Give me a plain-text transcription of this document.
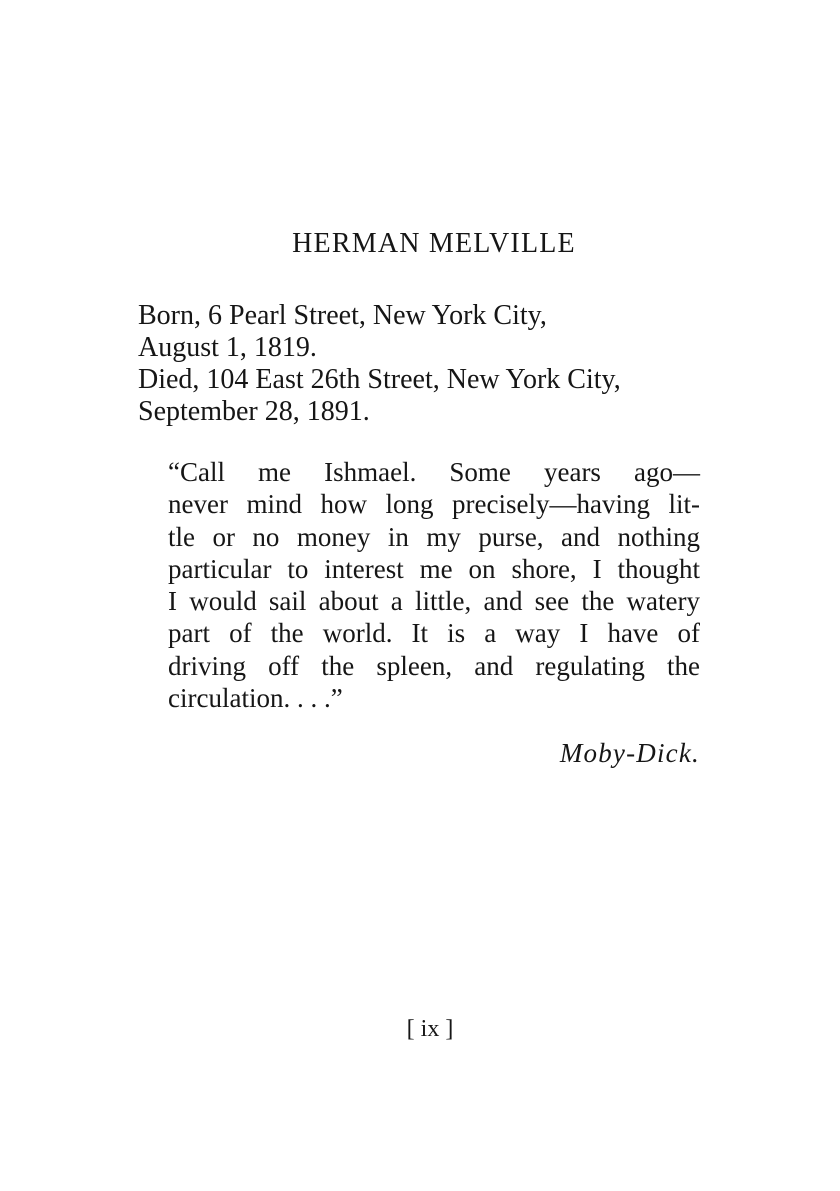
HERMAN MELVILLE
Born, 6 Pearl Street, New York City,
August 1, 1819.
Died, 104 East 26th Street, New York City,
September 28, 1891.
“Call me Ishmael. Some years ago—
never mind how long precisely—having lit-
tle or no money in my purse, and nothing
particular to interest me on shore, I thought
I would sail about a little, and see the watery
part of the world. It is a way I have of
driving off the spleen, and regulating the
circulation. . . .”
Moby-Dick.
[ ix ]
